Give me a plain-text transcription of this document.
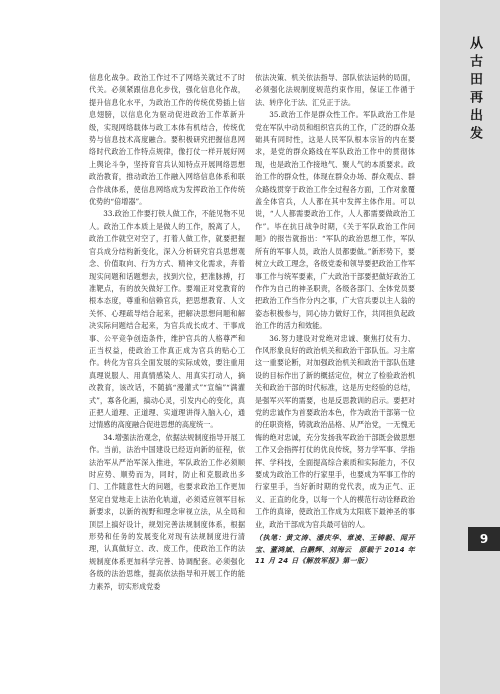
信息化战争。政治工作过不了网络关就过不了时代关。必须紧跟信息化步伐，强化信息化作战，提升信息化水平，为政治工作的传统优势插上信息翅膀，以信息化为驱动促进政治工作革新升级，实现网络载体与政工本体有机结合，传统优势与信息技术高度融合。要积极研究把握信息网络时代政治工作特点规律，像打仗一样开展好网上舆论斗争，坚持育官兵认知特点开展网络思想政治教育，推动政治工作融入网络信息体系和联合作战体系，使信息网络成为发挥政治工作传统优势的“倍增器”。

33.政治工作要打铁人做工作，不能见物不见人。政治工作本质上是做人的工作，脱离了人，政治工作就空对空了，打着人做工作，就要把握官兵成分结构新变化，深入分析研究官兵思想观念、价值取向、行为方式、精神文化需求，奔着现实问题和话题想去，找到穴位，把准脉搏，打准靶点，有的放矢做好工作。要端正对党教育的根本态度，尊重和信赖官兵，把思想教育、人文关怀、心理疏导结合起来，把解决思想问题和解决实际问题结合起来，为官兵成长成才、干事成事、公平竞争创造条件，维护官兵的人格尊严和正当权益，使政治工作真正成为官兵的贴心工作。转化为官兵全面发展的实际成效，要注重用真理说服人、用真情感染人、用真实打动人，摘改教育，该改话，不随搞“漫灌式”“宣编”“满灌式”，寡各化画，搞动心灵，引发内心的变化，真正把人道理、正道理、实道理讲得入脑入心，通过情感的高度融合促进思想的高度统一。

34.增强法治观念，依据法规制度指导开展工作。当前，法治中国建设已经迈向新的征程，依法治军从严治军深入推进，军队政治工作必须顺时应势、顺势而为，同时，防止和克服政出多门、工作随意性大的问题，也要求政治工作更加坚定自觉地走上法治化轨道，必须适应领军目标新要求，以新的视野和理念审视立法，从全局和顶层上搞好设计，规划完善法规制度体系，根据形势和任务的发展变化对现有法规制度进行清理，认真做好立、改、废工作，使政治工作的法规制度体系更加科学完善、协调配套。必须强化各级的法治思维，提高依法指导和开展工作的能力素养，切实形成党委

依法决策、机关依法指导、部队依法运转的局面，必须强化法规制度规范约束作用，保证工作循于法、转序化于法、汇兑正于法。

35.政治工作是群众性工作。军队政治工作是党在军队中动员和组织官兵的工作，广泛的群众基础具有同时性，这是人民军队根本宗旨的内在要求，是党的群众路线在军队政治工作中的贯彻体现，也是政治工作接地气、聚人气的本质要求。政治工作的群众性，体现在群众办场、群众观点、群众路线贯穿于政治工作全过程各方面，工作对象覆盖全体官兵，人人都在其中发挥主体作用。可以说，“人人都需要政治工作，人人都需要做政治工作”。毕在抗日战争时期，《关于军队政治工作问题》的报告就指出：“军队的政治思想工作，军队所有的军事人员，政治人员都要做。”新形势下，要树立大政工理念，各级党委和领导要把政治工作军事工作与统军要素，广大政治干部要把做好政治工作作为自己的神圣职责，各级各部门、全体党员要把政治工作当作分内之事，广大官兵要以主人翁的姿态积极参与，同心协力做好工作，共同担负起政治工作的活力和效能。

36.努力建设对党绝对忠诚、聚焦打仗有力、作风形象良好的政治机关和政治干部队伍。习主席这一重要论断，对加强政治机关和政治干部队伍建设的目标作出了新的概括定位，树立了检验政治机关和政治干部的时代标准，这是历史经验的总结，是强军兴军的需要，也是反思教训的启示。要把对党的忠诚作为首要政治本色，作为政治干部第一位的任职资格，铸就政治品格、从严治党，一无愧无悔的绝对忠诚，充分发扬我军政治干部既会做思想工作又会指挥打仗的优良传统，努力学军事、学指挥、学科技，全面提高综合素质和实际能力，不仅要成为政治工作的行家里手，也要成为军事工作的行家里手，当好新时期的党代表，成为正气、正义、正直的化身，以每一个人的模范行动诠释政治工作的真谛，使政治工作成为太阳底下最神圣的事业，政治干部成为官兵最可信的人。

（执笔：黄文涛、潘庆华、章凌、王铸毅、闻开宝、董鸿斌、白鹏辉、刘海云　原载于 2014 年 11 月 24 日《解放军报》第一版）

从古田再出发
9
